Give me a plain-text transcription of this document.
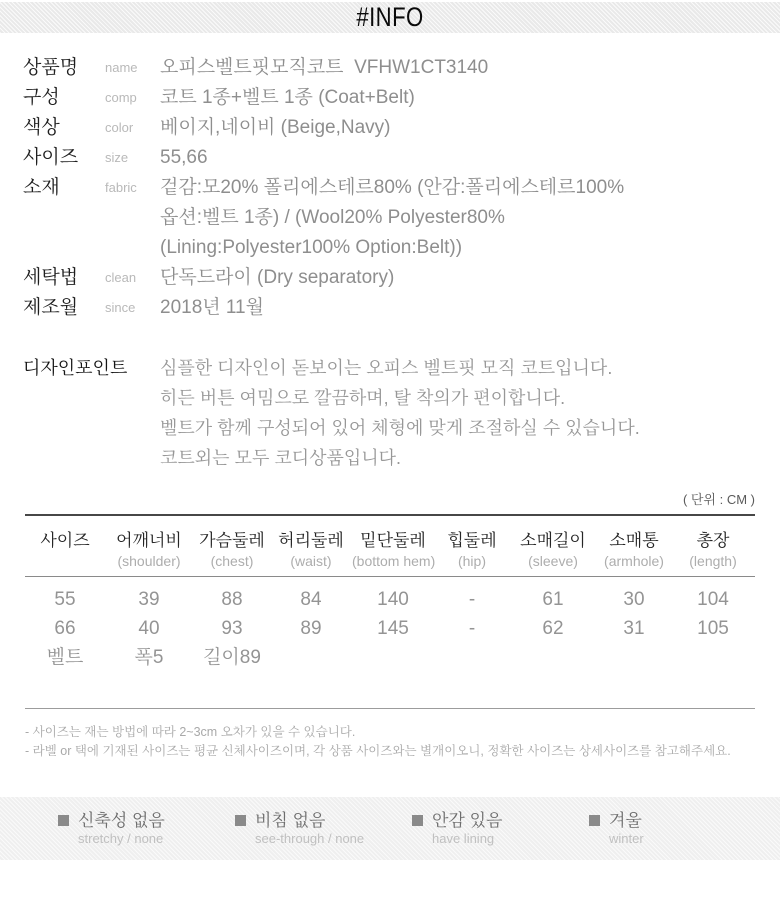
#INFO
상품명	name	오피스벨트핏모직코트  VFHW1CT3140
구성	comp	코트 1종+벨트 1종 (Coat+Belt)
색상	color	베이지,네이비 (Beige,Navy)
사이즈	size	55,66
소재	fabric	겉감:모20% 폴리에스테르80% (안감:폴리에스테르100%
옵션:벨트 1종) / (Wool20% Polyester80%
(Lining:Polyester100% Option:Belt))
세탁법	clean	단독드라이 (Dry separatory)
제조월	since	2018년 11월
디자인포인트	심플한 디자인이 돋보이는 오피스 벨트핏 모직 코트입니다.
히든 버튼 여밈으로 깔끔하며, 탈 착의가 편이합니다.
벨트가 함께 구성되어 있어 체형에 맞게 조절하실 수 있습니다.
코트외는 모두 코디상품입니다.
( 단위 : CM )
사이즈	어깨너비	가슴둘레	허리둘레	밑단둘레	힙둘레	소매길이	소매통	총장
	(shoulder)	(chest)	(waist)	(bottom hem)	(hip)	(sleeve)	(armhole)	(length)
55	39	88	84	140	-	61	30	104
66	40	93	89	145	-	62	31	105
벨트	폭5	길이89						
- 사이즈는 재는 방법에 따라 2~3cm 오차가 있을 수 있습니다.
- 라벨 or 택에 기재된 사이즈는 평균 신체사이즈이며, 각 상품 사이즈와는 별개이오니, 정확한 사이즈는 상세사이즈를 참고해주세요.
신축성 없음
stretchy / none
비침 없음
see-through / none
안감 있음
have lining
겨울
winter
